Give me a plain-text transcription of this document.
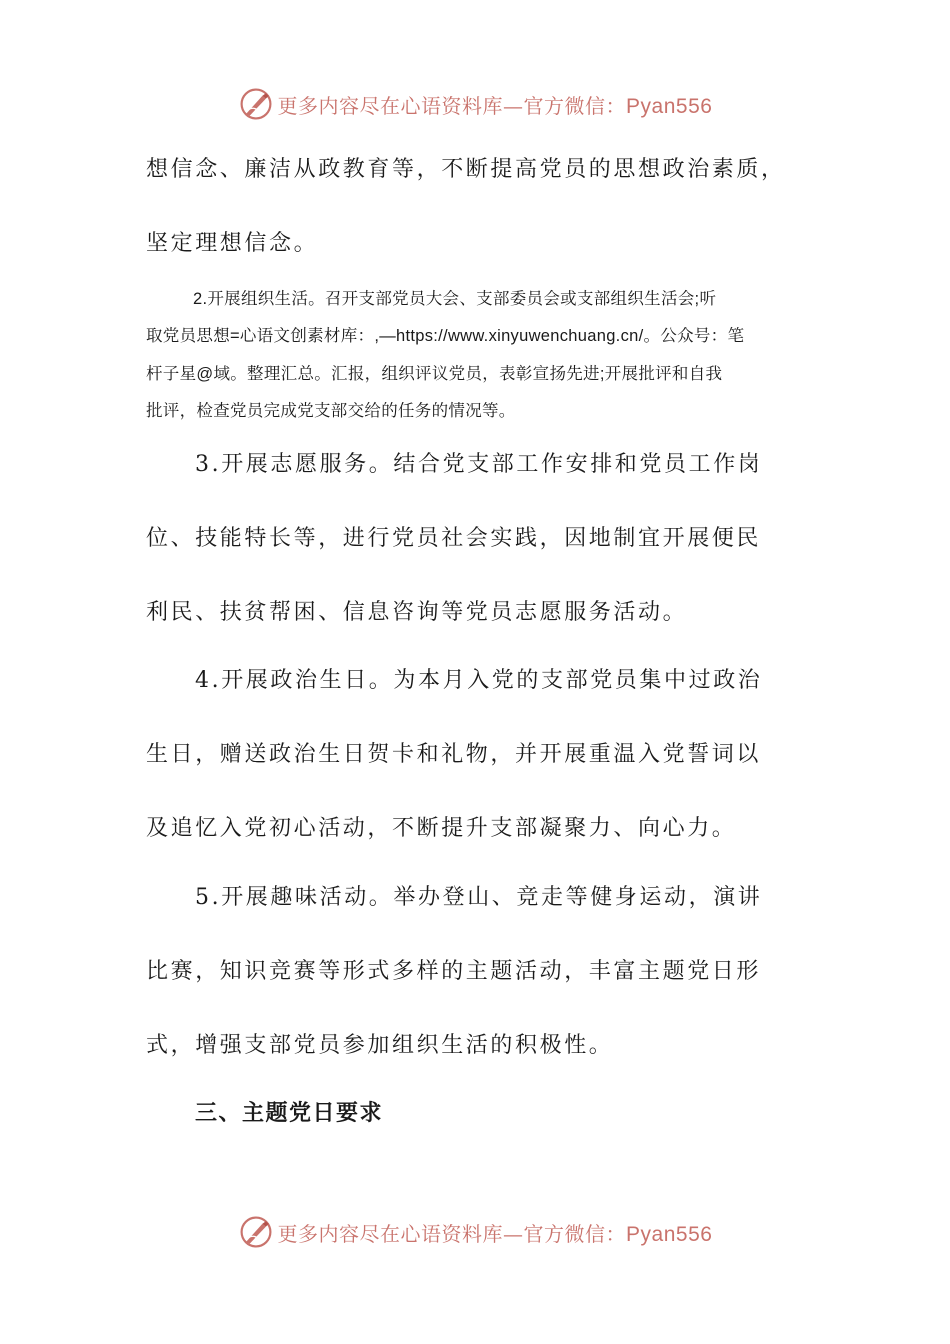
更多内容尽在心语资料库—官方微信：Pyan556
想信念、廉洁从政教育等，不断提高党员的思想政治素质，
坚定理想信念。
2.开展组织生活。召开支部党员大会、支部委员会或支部组织生活会;听
取党员思想=心语文创素材库：,—https://www.xinyuwenchuang.cn/。公众号：笔
杆子星@域。整理汇总。汇报，组织评议党员，表彰宣扬先进;开展批评和自我
批评，检查党员完成党支部交给的任务的情况等。
3.开展志愿服务。结合党支部工作安排和党员工作岗
位、技能特长等，进行党员社会实践，因地制宜开展便民
利民、扶贫帮困、信息咨询等党员志愿服务活动。
4.开展政治生日。为本月入党的支部党员集中过政治
生日，赠送政治生日贺卡和礼物，并开展重温入党誓词以
及追忆入党初心活动，不断提升支部凝聚力、向心力。
5.开展趣味活动。举办登山、竞走等健身运动，演讲
比赛，知识竞赛等形式多样的主题活动，丰富主题党日形
式，增强支部党员参加组织生活的积极性。
三、主题党日要求
更多内容尽在心语资料库—官方微信：Pyan556
